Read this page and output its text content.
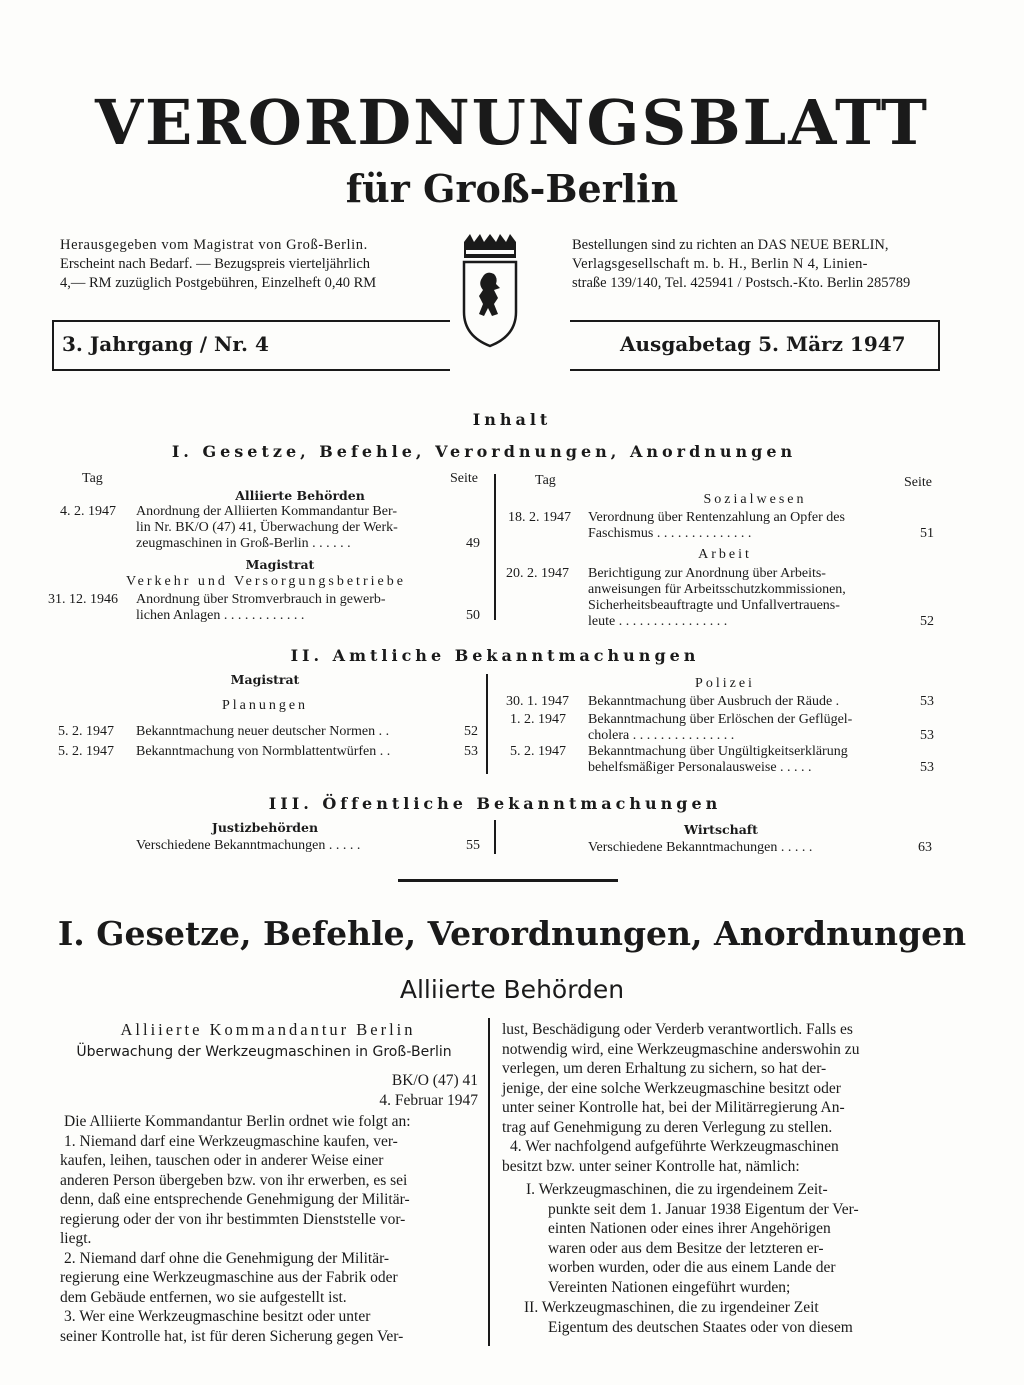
VERORDNUNGSBLATT
für Groß-Berlin
Herausgegeben vom Magistrat von Groß-Berlin.
Erscheint nach Bedarf. — Bezugspreis vierteljährlich
4,— RM zuzüglich Postgebühren, Einzelheft 0,40 RM
Bestellungen sind zu richten an DAS NEUE BERLIN,
Verlagsgesellschaft m. b. H., Berlin N 4, Linien-
straße 139/140, Tel. 425941 / Postsch.-Kto. Berlin 285789
3. Jahrgang / Nr. 4	Ausgabetag 5. März 1947
Inhalt
I. Gesetze, Befehle, Verordnungen, Anordnungen
Tag	Seite	Tag	Seite
Alliierte Behörden
4. 2. 1947 Anordnung der Alliierten Kommandantur Ber-
lin Nr. BK/O (47) 41, Überwachung der Werk-
zeugmaschinen in Groß-Berlin . . . . . .	49
Magistrat
Verkehr und Versorgungsbetriebe
31. 12. 1946 Anordnung über Stromverbrauch in gewerb-
lichen Anlagen . . . . . . . . . . . .	50
Sozialwesen
18. 2. 1947 Verordnung über Rentenzahlung an Opfer des
Faschismus . . . . . . . . . . . . . .	51
Arbeit
20. 2. 1947 Berichtigung zur Anordnung über Arbeits-
anweisungen für Arbeitsschutzkommissionen,
Sicherheitsbeauftragte und Unfallvertrauens-
leute . . . . . . . . . . . . . . . .	52
II. Amtliche Bekanntmachungen
Magistrat
Planungen
5. 2. 1947 Bekanntmachung neuer deutscher Normen . .	52
5. 2. 1947 Bekanntmachung von Normblattentwürfen . .	53
Polizei
30. 1. 1947 Bekanntmachung über Ausbruch der Räude .	53
1. 2. 1947 Bekanntmachung über Erlöschen der Geflügel-
cholera . . . . . . . . . . . . . . .	53
5. 2. 1947 Bekanntmachung über Ungültigkeitserklärung
behelfsmäßiger Personalausweise . . . . .	53
III. Öffentliche Bekanntmachungen
Justizbehörden
Verschiedene Bekanntmachungen . . . . .	55
Wirtschaft
Verschiedene Bekanntmachungen . . . . .	63
I. Gesetze, Befehle, Verordnungen, Anordnungen
Alliierte Behörden
Alliierte Kommandantur Berlin
Überwachung der Werkzeugmaschinen in Groß-Berlin
BK/O (47) 41
4. Februar 1947
Die Alliierte Kommandantur Berlin ordnet wie folgt an:
1. Niemand darf eine Werkzeugmaschine kaufen, ver-
kaufen, leihen, tauschen oder in anderer Weise einer
anderen Person übergeben bzw. von ihr erwerben, es sei
denn, daß eine entsprechende Genehmigung der Militär-
regierung oder der von ihr bestimmten Dienststelle vor-
liegt.
2. Niemand darf ohne die Genehmigung der Militär-
regierung eine Werkzeugmaschine aus der Fabrik oder
dem Gebäude entfernen, wo sie aufgestellt ist.
3. Wer eine Werkzeugmaschine besitzt oder unter
seiner Kontrolle hat, ist für deren Sicherung gegen Ver-
lust, Beschädigung oder Verderb verantwortlich. Falls es
notwendig wird, eine Werkzeugmaschine anderswohin zu
verlegen, um deren Erhaltung zu sichern, so hat der-
jenige, der eine solche Werkzeugmaschine besitzt oder
unter seiner Kontrolle hat, bei der Militärregierung An-
trag auf Genehmigung zu deren Verlegung zu stellen.
4. Wer nachfolgend aufgeführte Werkzeugmaschinen
besitzt bzw. unter seiner Kontrolle hat, nämlich:
I. Werkzeugmaschinen, die zu irgendeinem Zeit-
punkte seit dem 1. Januar 1938 Eigentum der Ver-
einten Nationen oder eines ihrer Angehörigen
waren oder aus dem Besitze der letzteren er-
worben wurden, oder die aus einem Lande der
Vereinten Nationen eingeführt wurden;
II. Werkzeugmaschinen, die zu irgendeiner Zeit
Eigentum des deutschen Staates oder von diesem
